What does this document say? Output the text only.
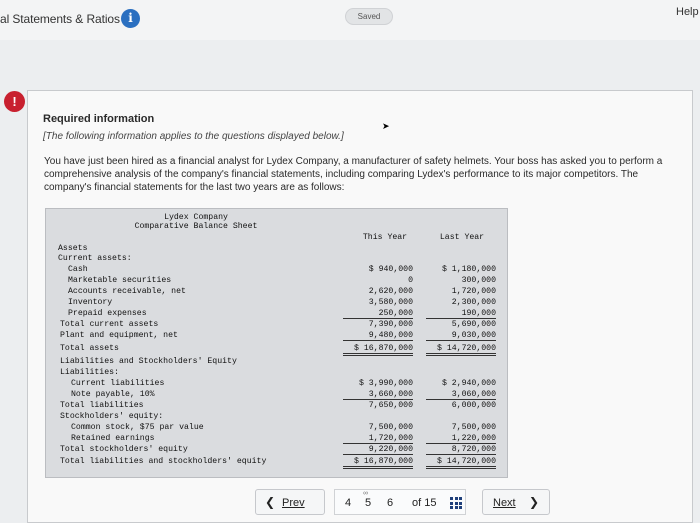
al Statements & Ratios i	Saved	Help
!
Required information
[The following information applies to the questions displayed below.]
You have just been hired as a financial analyst for Lydex Company, a manufacturer of safety helmets. Your boss has asked you to perform a comprehensive analysis of the company's financial statements, including comparing Lydex's performance to its major competitors. The company's financial statements for the last two years are as follows:
Lydex Company
Comparative Balance Sheet
This Year	Last Year
Assets
Current assets:
Cash	$ 940,000	$ 1,180,000
Marketable securities	0	300,000
Accounts receivable, net	2,620,000	1,720,000
Inventory	3,580,000	2,300,000
Prepaid expenses	250,000	190,000
Total current assets	7,390,000	5,690,000
Plant and equipment, net	9,480,000	9,030,000
Total assets	$ 16,870,000	$ 14,720,000
Liabilities and Stockholders' Equity
Liabilities:
Current liabilities	$ 3,990,000	$ 2,940,000
Note payable, 10%	3,660,000	3,060,000
Total liabilities	7,650,000	6,000,000
Stockholders' equity:
Common stock, $75 par value	7,500,000	7,500,000
Retained earnings	1,720,000	1,220,000
Total stockholders' equity	9,220,000	8,720,000
Total liabilities and stockholders' equity	$ 16,870,000	$ 14,720,000
➤
❮ Prev	4
∞
5 6 of 15	Next ❯
